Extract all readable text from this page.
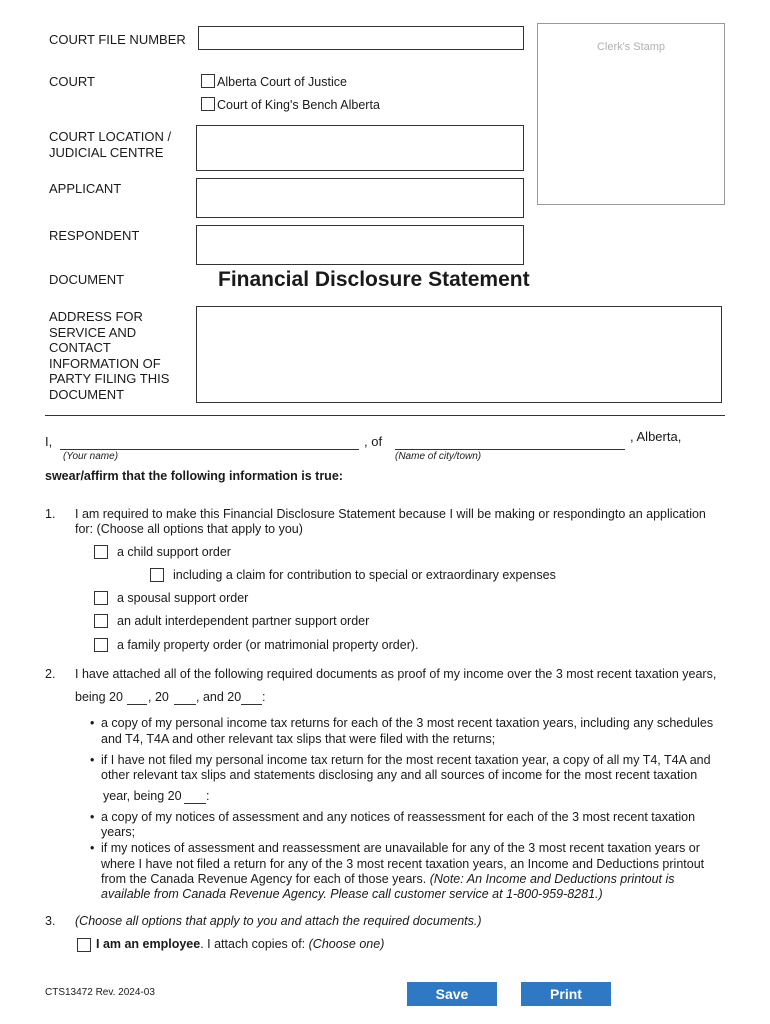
COURT FILE NUMBER	Clerk's Stamp
COURT	Alberta Court of Justice
Court of King's Bench Alberta
COURT LOCATION /
JUDICIAL CENTRE
APPLICANT
RESPONDENT
DOCUMENT	Financial Disclosure Statement
ADDRESS FOR
SERVICE AND
CONTACT
INFORMATION OF
PARTY FILING THIS
DOCUMENT
I,	, of	, Alberta,
(Your name)	(Name of city/town)
swear/affirm that the following information is true:
1. I am required to make this Financial Disclosure Statement because I will be making or respondingto an application
for: (Choose all options that apply to you)
a child support order
including a claim for contribution to special or extraordinary expenses
a spousal support order
an adult interdependent partner support order
a family property order (or matrimonial property order).
2. I have attached all of the following required documents as proof of my income over the 3 most recent taxation years,
being 20 , 20 , and 20 :
• a copy of my personal income tax returns for each of the 3 most recent taxation years, including any schedules
and T4, T4A and other relevant tax slips that were filed with the returns;
• if I have not filed my personal income tax return for the most recent taxation year, a copy of all my T4, T4A and
other relevant tax slips and statements disclosing any and all sources of income for the most recent taxation
year, being 20 :
• a copy of my notices of assessment and any notices of reassessment for each of the 3 most recent taxation
years;
• if my notices of assessment and reassessment are unavailable for any of the 3 most recent taxation years or
where I have not filed a return for any of the 3 most recent taxation years, an Income and Deductions printout
from the Canada Revenue Agency for each of those years. (Note: An Income and Deductions printout is
available from Canada Revenue Agency. Please call customer service at 1-800-959-8281.)
3. (Choose all options that apply to you and attach the required documents.)
I am an employee. I attach copies of: (Choose one)
CTS13472 Rev. 2024-03	Save	Print
